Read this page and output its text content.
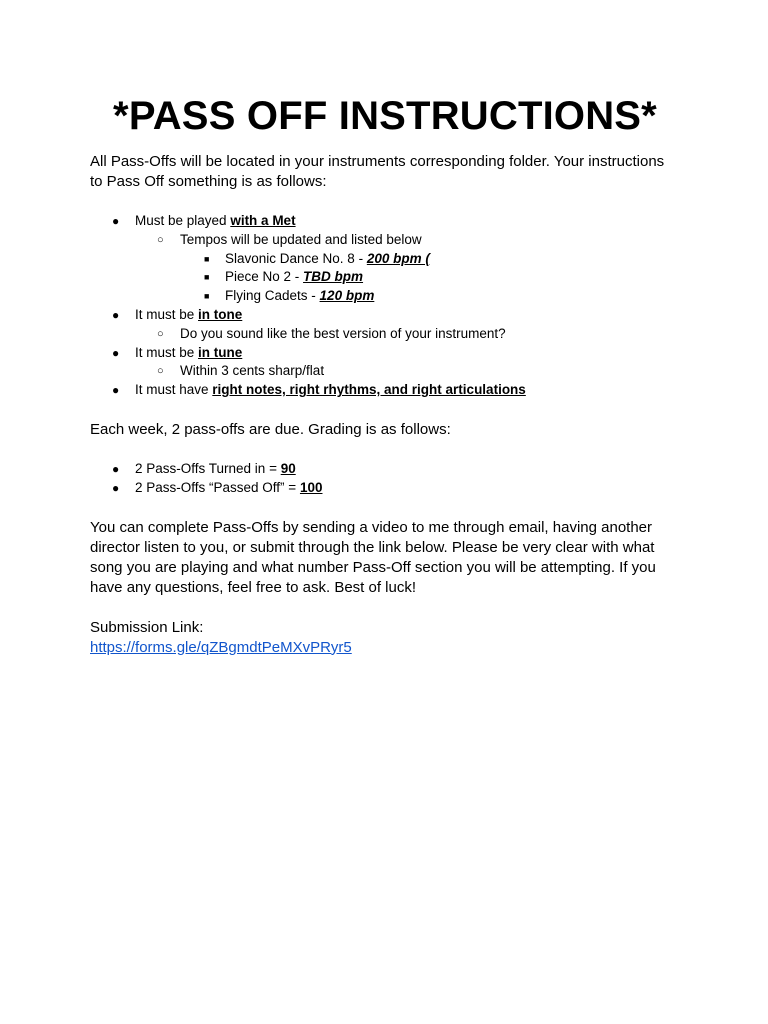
*PASS OFF INSTRUCTIONS*

All Pass-Offs will be located in your instruments corresponding folder. Your instructions to Pass Off something is as follows:

● Must be played with a Met
○ Tempos will be updated and listed below
■ Slavonic Dance No. 8 - 200 bpm (
■ Piece No 2 - TBD bpm
■ Flying Cadets - 120 bpm
● It must be in tone
○ Do you sound like the best version of your instrument?
● It must be in tune
○ Within 3 cents sharp/flat
● It must have right notes, right rhythms, and right articulations

Each week, 2 pass-offs are due. Grading is as follows:

● 2 Pass-Offs Turned in = 90
● 2 Pass-Offs “Passed Off” = 100

You can complete Pass-Offs by sending a video to me through email, having another director listen to you, or submit through the link below. Please be very clear with what song you are playing and what number Pass-Off section you will be attempting. If you have any questions, feel free to ask. Best of luck!

Submission Link:

https://forms.gle/qZBgmdtPeMXvPRyr5
